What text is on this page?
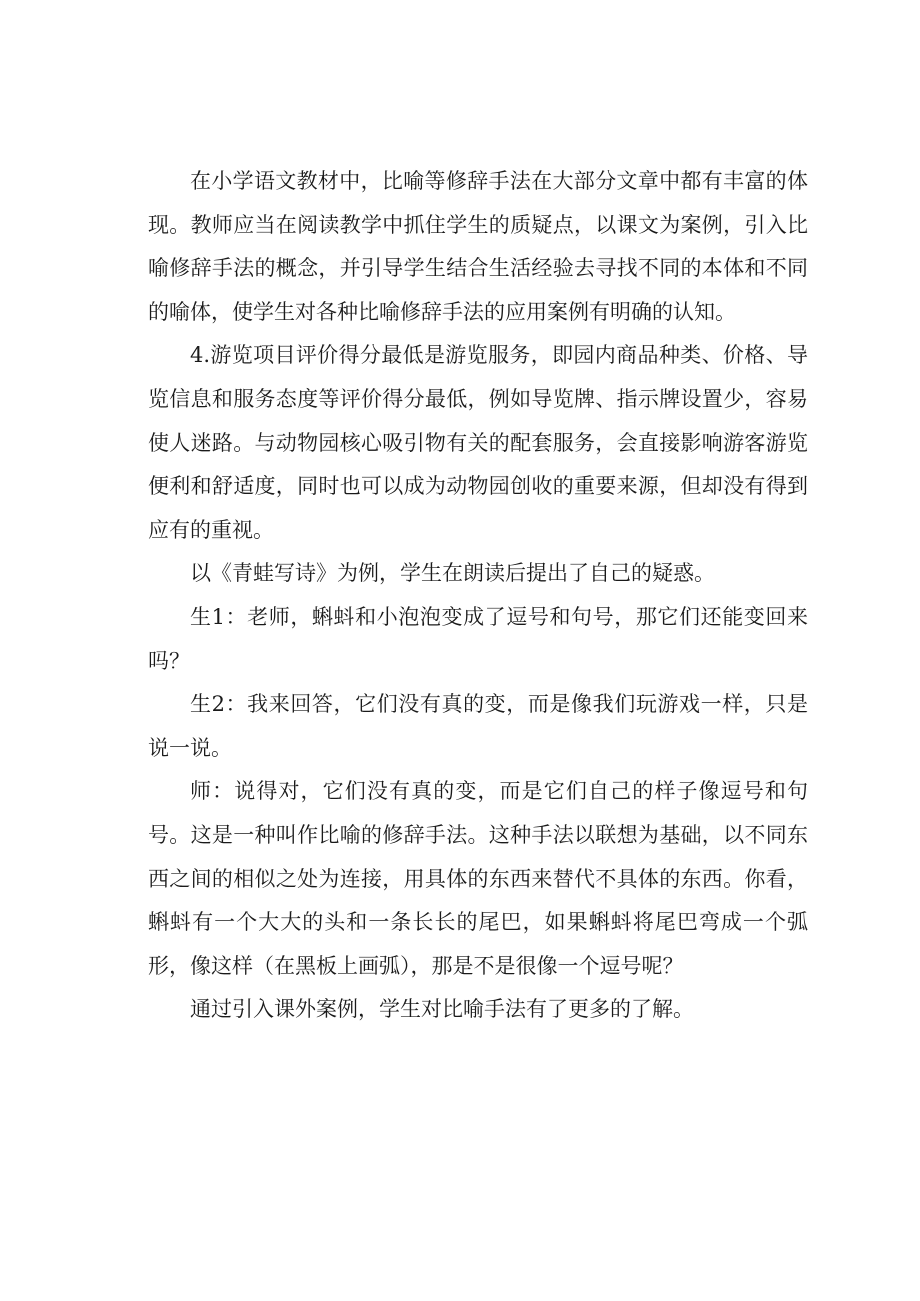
在小学语文教材中，比喻等修辞手法在大部分文章中都有丰富的体现。教师应当在阅读教学中抓住学生的质疑点，以课文为案例，引入比喻修辞手法的概念，并引导学生结合生活经验去寻找不同的本体和不同的喻体，使学生对各种比喻修辞手法的应用案例有明确的认知。

4.游览项目评价得分最低是游览服务，即园内商品种类、价格、导览信息和服务态度等评价得分最低，例如导览牌、指示牌设置少，容易使人迷路。与动物园核心吸引物有关的配套服务，会直接影响游客游览便利和舒适度，同时也可以成为动物园创收的重要来源，但却没有得到应有的重视。

以《青蛙写诗》为例，学生在朗读后提出了自己的疑惑。

生1：老师，蝌蚪和小泡泡变成了逗号和句号，那它们还能变回来吗？

生2：我来回答，它们没有真的变，而是像我们玩游戏一样，只是说一说。

师：说得对，它们没有真的变，而是它们自己的样子像逗号和句号。这是一种叫作比喻的修辞手法。这种手法以联想为基础，以不同东西之间的相似之处为连接，用具体的东西来替代不具体的东西。你看，蝌蚪有一个大大的头和一条长长的尾巴，如果蝌蚪将尾巴弯成一个弧形，像这样（在黑板上画弧），那是不是很像一个逗号呢？

通过引入课外案例，学生对比喻手法有了更多的了解。
